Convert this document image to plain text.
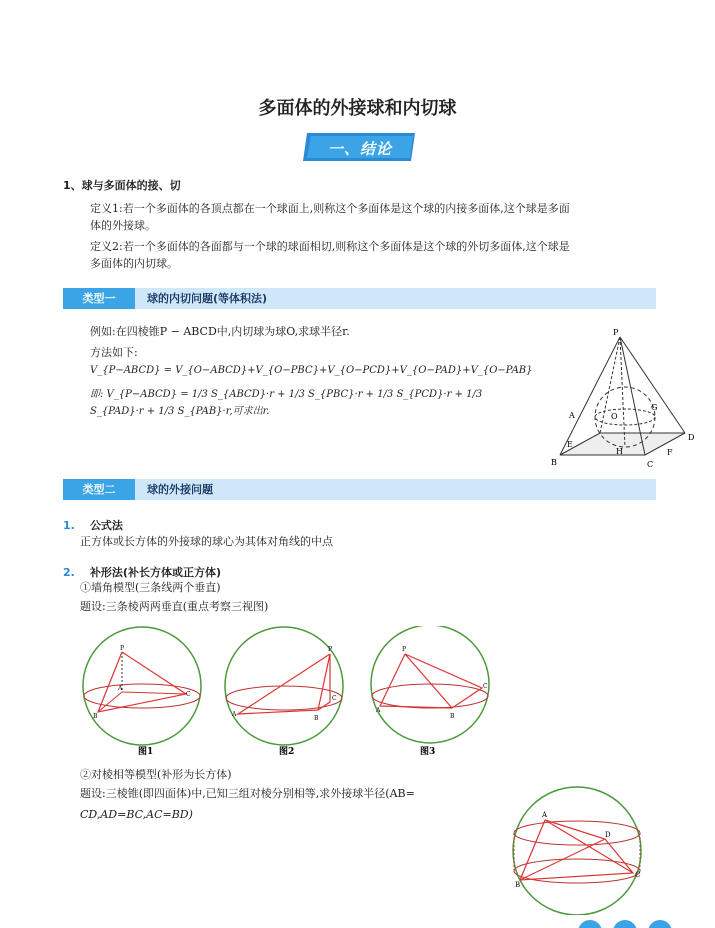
多面体的外接球和内切球
一、结论
1、球与多面体的接、切
定义1:若一个多面体的各顶点都在一个球面上,则称这个多面体是这个球的内接多面体,这个球是多面
体的外接球。
定义2:若一个多面体的各面都与一个球的球面相切,则称这个多面体是这个球的外切多面体,这个球是
多面体的内切球。
类型一	球的内切问题(等体积法)
例如:在四棱锥P − ABCD中,内切球为球O,求球半径r.
方法如下:
V_{P−ABCD} = V_{O−ABCD}+V_{O−PBC}+V_{O−PCD}+V_{O−PAD}+V_{O−PAB}
即: V_{P−ABCD} = 1/3 S_{ABCD}·r + 1/3 S_{PBC}·r + 1/3 S_{PCD}·r + 1/3 S_{PAD}·r + 1/3 S_{PAB}·r,可求出r.
P
A
G
O
D
E
H	F
B	C
类型二	球的外接问题
1. 公式法
正方体或长方体的外接球的球心为其体对角线的中点
2. 补形法(补长方体或正方体)
①墙角模型(三条线两个垂直)
题设:三条棱两两垂直(重点考察三视图)
P
A
C
B
P
C
A
B
P
C
A
B
图1	图2	图3
②对棱相等模型(补形为长方体)
题设:三棱锥(即四面体)中,已知三组对棱分别相等,求外接球半径(AB=
CD,AD=BC,AC=BD)	A
D
C
B
